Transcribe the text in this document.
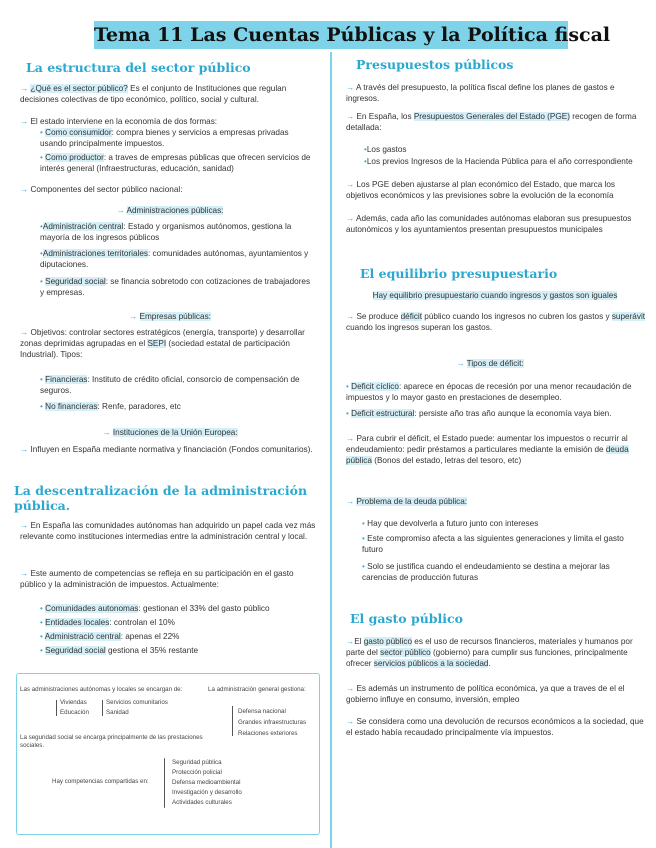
Tema 11 Las Cuentas Públicas y la Política fiscal
La estructura del sector público
→ ¿Qué es el sector público? Es el conjunto de Instituciones que regulan decisiones colectivas de tipo económico, político, social y cultural.
→ El estado interviene en la economía de dos formas:
• Como consumidor: compra bienes y servicios a empresas privadas usando principalmente impuestos.
• Como productor: a traves de empresas públicas que ofrecen servicios de interés general (Infraestructuras, educación, sanidad)
→ Componentes del sector público nacional:
→ Administraciones públicas:
•Administración central: Estado y organismos autónomos, gestiona la mayoría de los ingresos públicos
•Administraciones territoriales: comunidades autónomas, ayuntamientos y diputaciones.
• Seguridad social: se financia sobretodo con cotizaciones de trabajadores y empresas.
→ Empresas públicas:
→ Objetivos: controlar sectores estratégicos (energía, transporte) y desarrollar zonas deprimidas agrupadas en el SEPI (sociedad estatal de participación Industrial). Tipos:
• Financieras: Instituto de crédito oficial, consorcio de compensación de seguros.
• No financieras: Renfe, paradores, etc
→ Instituciones de la Unión Europea:
→ Influyen en España mediante normativa y financiación (Fondos comunitarios).
La descentralización de la administración pública.
→ En España las comunidades autónomas han adquirido un papel cada vez más relevante como instituciones intermedias entre la administración central y local.
→ Este aumento de competencias se refleja en su participación en el gasto público y la administración de impuestos. Actualmente:
• Comunidades autonomas: gestionan el 33% del gasto público
• Entidades locales: controlan el 10%
• Administració central: apenas el 22%
• Seguridad social gestiona el 35% restante
Las administraciones autónomas y locales se encargan de:
Viviendas
Educación
Servicios comunitarios
Sanidad
La administración general gestiona:
Defensa nacional
Grandes infraestructuras
Relaciones exteriores
La seguridad social se encarga principalmente de las prestaciones sociales.
Hay competencias compartidas en:
Seguridad pública
Protección policial
Defensa medioambiental
Investigación y desarrollo
Actividades culturales
Presupuestos públicos
→ A través del presupuesto, la política fiscal define los planes de gastos e ingresos.
→ En España, los Presupuestos Generales del Estado (PGE) recogen de forma detallada:
•Los gastos
•Los previos Ingresos de la Hacienda Pública para el año correspondiente
→ Los PGE deben ajustarse al plan económico del Estado, que marca los objetivos económicos y las previsiones sobre la evolución de la economía
→ Además, cada año las comunidades autónomas elaboran sus presupuestos autonómicos y los ayuntamientos presentan presupuestos municipales
El equilibrio presupuestario
Hay equilibrio presupuestario cuando ingresos y gastos son iguales
→ Se produce déficit público cuando los ingresos no cubren los gastos y superávit cuando los ingresos superan los gastos.
→ Tipos de déficit:
• Deficit cíclico: aparece en épocas de recesión por una menor recaudación de impuestos y lo mayor gasto en prestaciones de desempleo.
• Deficit estructural: persiste año tras año aunque la economía vaya bien.
→ Para cubrir el déficit, el Estado puede: aumentar los impuestos o recurrir al endeudamiento: pedir préstamos a particulares mediante la emisión de deuda pública (Bonos del estado, letras del tesoro, etc)
→ Problema de la deuda pública:
• Hay que devolverla a futuro junto con intereses
• Este compromiso afecta a las siguientes generaciones y limita el gasto futuro
• Solo se justifica cuando el endeudamiento se destina a mejorar las carencias de producción futuras
El gasto público
→El gasto público es el uso de recursos financieros, materiales y humanos por parte del sector público (gobierno) para cumplir sus funciones, principalmente ofrecer servicios públicos a la sociedad.
→ Es además un instrumento de política económica, ya que a traves de el el gobierno influye en consumo, inversión, empleo
→ Se considera como una devolución de recursos económicos a la sociedad, que el estado había recaudado principalmente vía impuestos.
